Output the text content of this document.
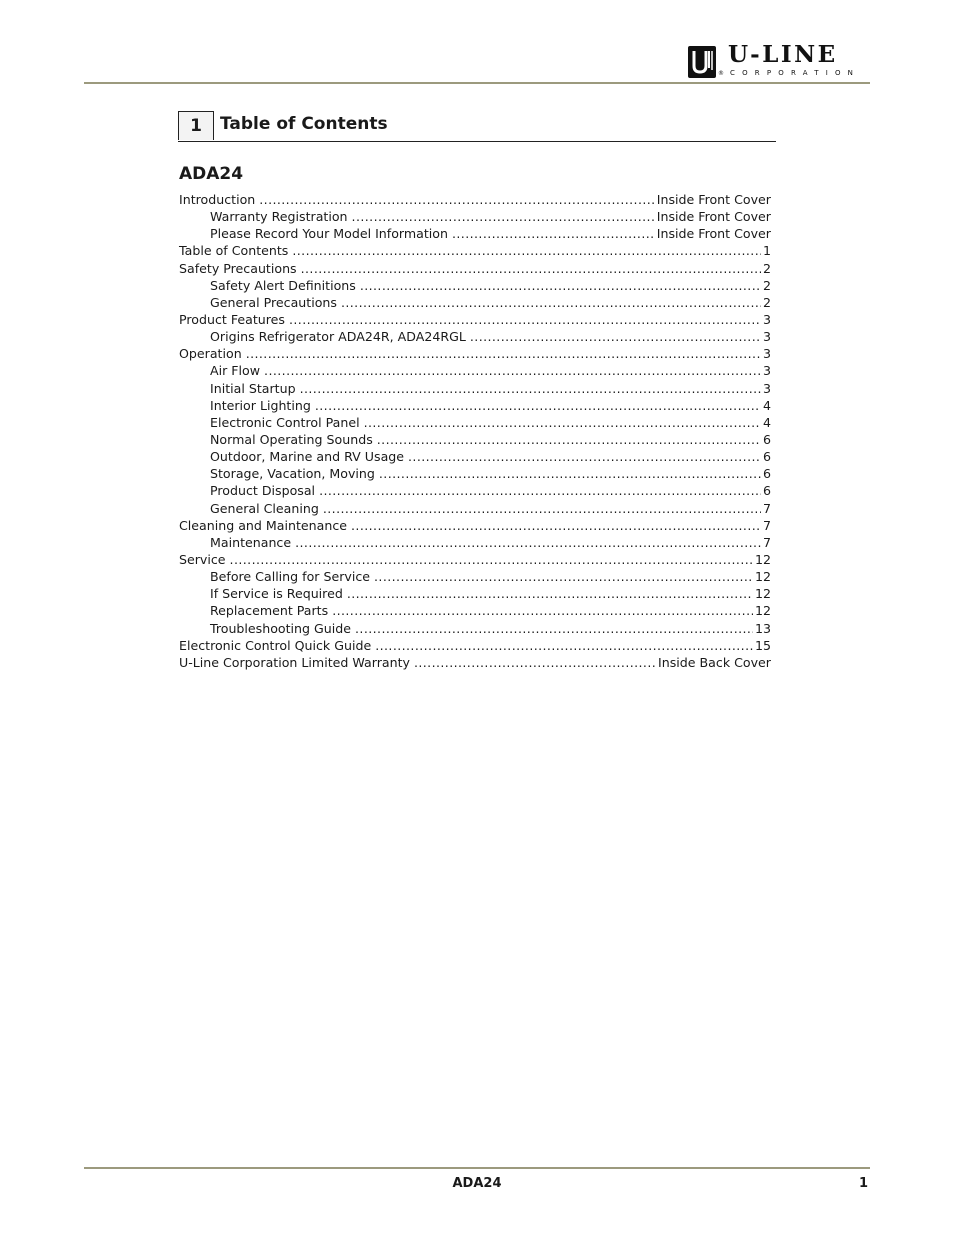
U-LINE
® CORPORATION
1	Table of Contents
ADA24
Introduction .....	Inside Front Cover
Warranty Registration .....	Inside Front Cover
Please Record Your Model Information .....	Inside Front Cover
Table of Contents .....	1
Safety Precautions .....	2
Safety Alert Definitions .....	2
General Precautions .....	2
Product Features .....	3
Origins Refrigerator ADA24R, ADA24RGL .....	3
Operation .....	3
Air Flow .....	3
Initial Startup .....	3
Interior Lighting .....	4
Electronic Control Panel .....	4
Normal Operating Sounds .....	6
Outdoor, Marine and RV Usage .....	6
Storage, Vacation, Moving .....	6
Product Disposal .....	6
General Cleaning .....	7
Cleaning and Maintenance .....	7
Maintenance .....	7
Service .....	12
Before Calling for Service .....	12
If Service is Required .....	12
Replacement Parts .....	12
Troubleshooting Guide .....	13
Electronic Control Quick Guide .....	15
U-Line Corporation Limited Warranty .....	Inside Back Cover
ADA24	1
